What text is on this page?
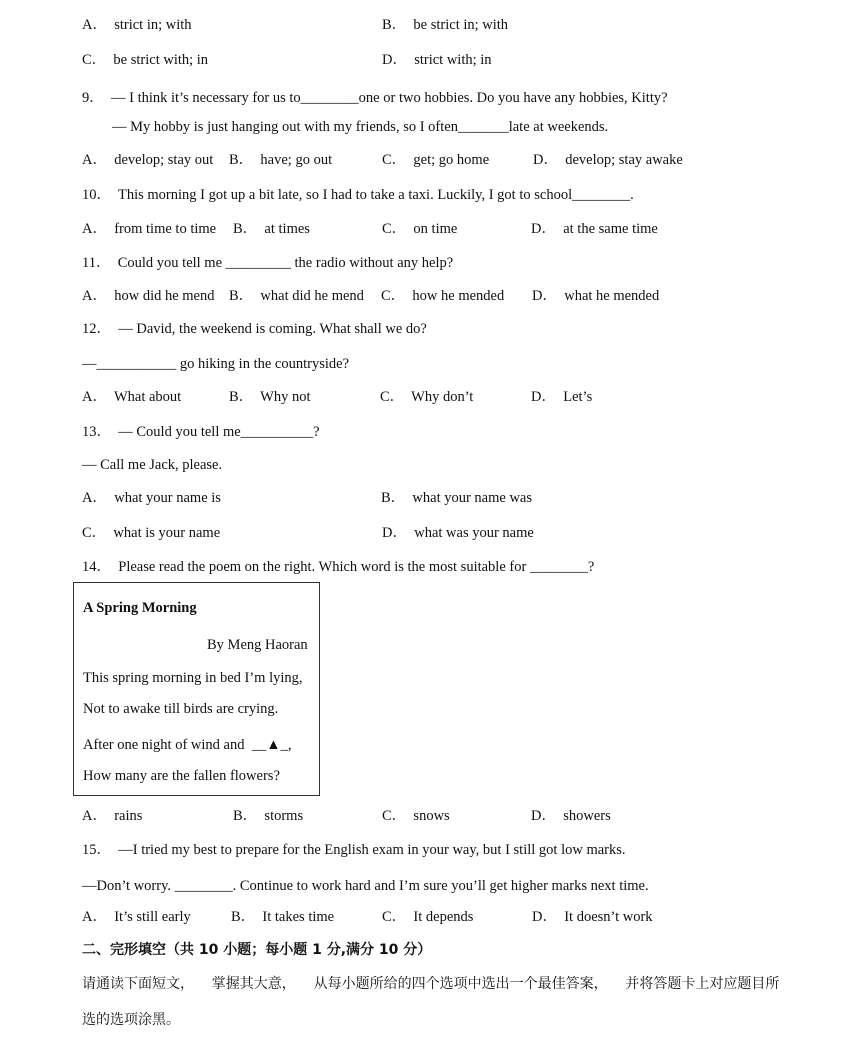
A．  strict in; with	B．  be strict in; with
C．  be strict with; in	D．  strict with; in
9．  — I think it’s necessary for us to________one or two hobbies. Do you have any hobbies, Kitty?
— My hobby is just hanging out with my friends, so I often_______late at weekends.
A．  develop; stay out B．  have; go out	C．  get; go home	D．  develop; stay awake
10．  This morning I got up a bit late, so I had to take a taxi. Luckily, I got to school________.
A．  from time to time B．  at times	C．  on time	D．  at the same time
11．  Could you tell me _________ the radio without any help?
A．  how did he mend B．  what did he mend C．  how he mended D．  what he mended
12．  — David, the weekend is coming. What shall we do?
—___________ go hiking in the countryside?
A．  What about	B．  Why not	C．  Why don’t	D．  Let’s
13．  — Could you tell me__________?
— Call me Jack, please.
A．  what your name is	B．  what your name was
C．  what is your name	D．  what was your name
14．  Please read the poem on the right. Which word is the most suitable for ________?
A Spring Morning
By Meng Haoran
This spring morning in bed I’m lying,
Not to awake till birds are crying.
After one night of wind and  __▲_,
How many are the fallen flowers?
A．  rains	B．  storms	C．  snows	D．  showers
15．  —I tried my best to prepare for the English exam in your way, but I still got low marks.
—Don’t worry. ________. Continue to work hard and I’m sure you’ll get higher marks next time.
A．  It’s still early	B．  It takes time	C．  It depends	D．  It doesn’t work
二、完形填空（共 10 小题；每小题 1 分,满分 10 分）
请通读下面短文，    掌握其大意，    从每小题所给的四个选项中选出一个最佳答案，    并将答题卡上对应题目所
选的选项涂黑。
